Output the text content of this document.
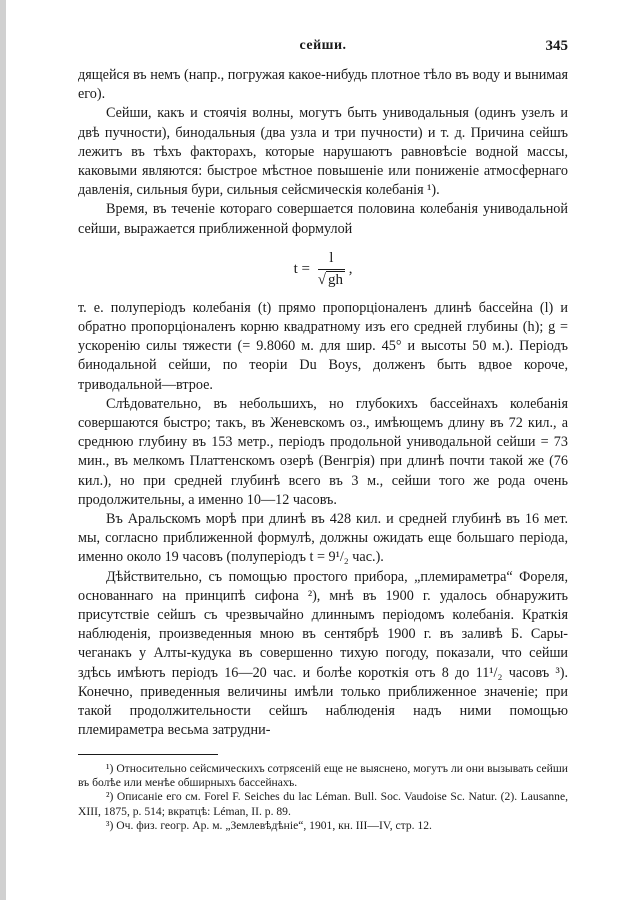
сейши.	345

дящейся въ немъ (напр., погружая какое-нибудь плотное тѣло въ воду и вынимая его).

Сейши, какъ и стоячія волны, могутъ быть униводальныя (одинъ узелъ и двѣ пучности), бинодальныя (два узла и три пучности) и т. д. Причина сейшъ лежитъ въ тѣхъ факторахъ, которые нарушаютъ равновѣсіе водной массы, каковыми являются: быстрое мѣстное повышеніе или пониженіе атмосфернаго давленія, сильныя бури, сильныя сейсмическія колебанія ¹).

Время, въ теченіе котораго совершается половина колебанія униводальной сейши, выражается приближенной формулой

$t = \frac{l}{√ gh}$ ,

т. е. полупеpiодъ колебанія (t) прямо пропорціоналенъ длинѣ бассейна (l) и обратно пропорціоналенъ корню квадратному изъ его средней глубины (h); g = ускоренію силы тяжести (= 9.8060 м. для шир. 45° и высоты 50 м.). Періодъ бинодальной сейши, по теоріи Du Boys, долженъ быть вдвое короче, триводальной—втрое.

Слѣдовательно, въ небольшихъ, но глубокихъ бассейнахъ колебанія совершаются быстро; такъ, въ Женевскомъ оз., имѣющемъ длину въ 72 кил., а среднюю глубину въ 153 метр., періодъ продольной униводальной сейши = 73 мин., въ мелкомъ Платтенскомъ озерѣ (Венгрія) при длинѣ почти такой же (76 кил.), но при средней глубинѣ всего въ 3 м., сейши того же рода очень продолжительны, а именно 10—12 часовъ.

Въ Аральскомъ морѣ при длинѣ въ 428 кил. и средней глубинѣ въ 16 мет. мы, согласно приближенной формулѣ, должны ожидать еще большаго періода, именно около 19 часовъ (полупеpiодъ t = 9¹/₂ час.).

Дѣйствительно, съ помощью простого прибора, „племиpаметра“ Фореля, основаннаго на принципѣ сифона ²), мнѣ въ 1900 г. удалось обнаружить присутствіе сейшъ съ чрезвычайно длиннымъ періодомъ колебанія. Краткія наблюденія, произведенныя мною въ сентябрѣ 1900 г. въ заливѣ Б. Сары-чеганакъ у Алты-кудука въ совершенно тихую погоду, показали, что сейши здѣсь имѣютъ періодъ 16—20 час. и болѣе короткія отъ 8 до 11¹/₂ часовъ ³). Конечно, приведенныя величины имѣли только приближенное значеніе; при такой продолжительности сейшъ наблюденія надъ ними помощью племиpаметра весьма затрудни-

¹) Относительно сейсмическихъ сотрясеній еще не выяснено, могутъ ли они вызывать сейши въ болѣе или менѣе обширныхъ бассейнахъ.

²) Описаніе его см. Forel F. Seiches du lac Léman. Bull. Soc. Vaudoise Sc. Natur. (2). Lausanne, XIII, 1875, p. 514; вкратцѣ: Léman, II. p. 89.

³) Оч. физ. геогр. Ар. м. „Землевѣдѣніе“, 1901, кн. III—IV, стр. 12.
